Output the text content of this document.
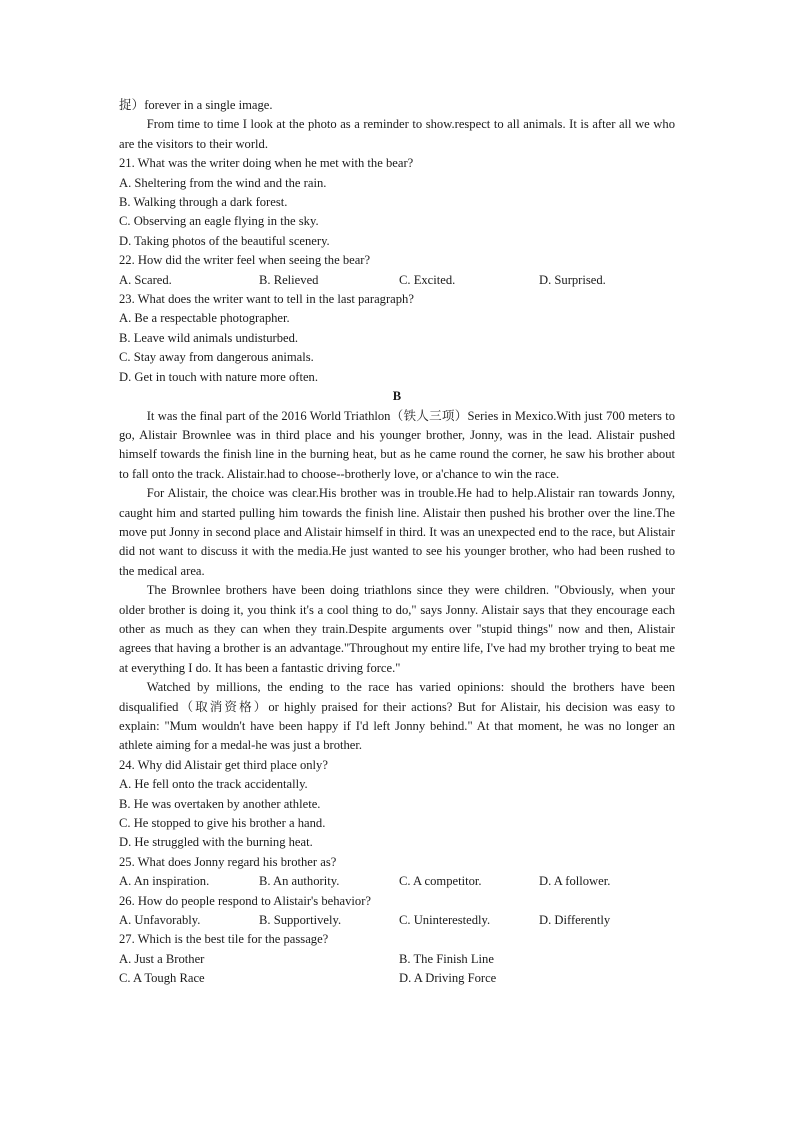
捉）forever in a single image.

From time to time I look at the photo as a reminder to show.respect to all animals. It is after all we who are the visitors to their world.

21. What was the writer doing when he met with the bear?

A. Sheltering from the wind and the rain.

B. Walking through a dark forest.

C. Observing an eagle flying in the sky.

D. Taking photos of the beautiful scenery.

22. How did the writer feel when seeing the bear?

A. Scared.	B. Relieved	C. Excited.	D. Surprised.

23. What does the writer want to tell in the last paragraph?

A. Be a respectable photographer.

B. Leave wild animals undisturbed.

C. Stay away from dangerous animals.

D. Get in touch with nature more often.

B

It was the final part of the 2016 World Triathlon（铁人三项）Series in Mexico.With just 700 meters to go, Alistair Brownlee was in third place and his younger brother, Jonny, was in the lead. Alistair pushed himself towards the finish line in the burning heat, but as he came round the corner, he saw his brother about to fall onto the track. Alistair.had to choose--brotherly love, or a'chance to win the race.

For Alistair, the choice was clear.His brother was in trouble.He had to help.Alistair ran towards Jonny, caught him and started pulling him towards the finish line. Alistair then pushed his brother over the line.The move put Jonny in second place and Alistair himself in third. It was an unexpected end to the race, but Alistair did not want to discuss it with the media.He just wanted to see his younger brother, who had been rushed to the medical area.

The Brownlee brothers have been doing triathlons since they were children. "Obviously, when your older brother is doing it, you think it's a cool thing to do," says Jonny. Alistair says that they encourage each other as much as they can when they train.Despite arguments over "stupid things" now and then, Alistair agrees that having a brother is an advantage."Throughout my entire life, I've had my brother trying to beat me at everything I do. It has been a fantastic driving force."

Watched by millions, the ending to the race has varied opinions: should the brothers have been disqualified（取消资格）or highly praised for their actions? But for Alistair, his decision was easy to explain: "Mum wouldn't have been happy if I'd left Jonny behind." At that moment, he was no longer an athlete aiming for a medal-he was just a brother.

24. Why did Alistair get third place only?

A. He fell onto the track accidentally.

B. He was overtaken by another athlete.

C. He stopped to give his brother a hand.

D. He struggled with the burning heat.

25. What does Jonny regard his brother as?

A. An inspiration.	B. An authority.	C. A competitor.	D. A follower.

26. How do people respond to Alistair's behavior?

A. Unfavorably.	B. Supportively.	C. Uninterestedly.	D. Differently

27. Which is the best tile for the passage?

A. Just a Brother	B. The Finish Line
C. A Tough Race	D. A Driving Force
